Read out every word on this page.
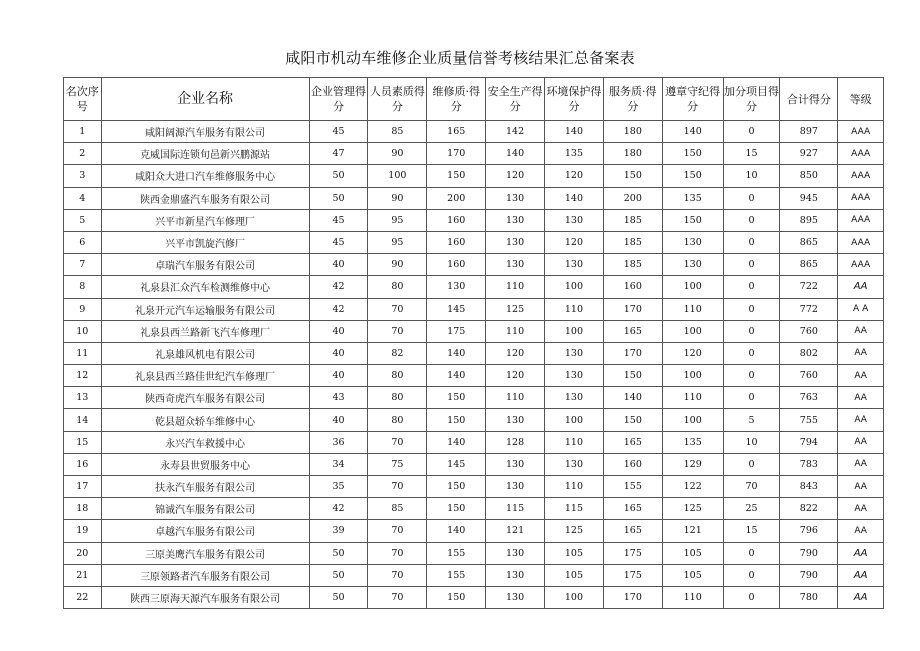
咸阳市机动车维修企业质量信誉考核结果汇总备案表
名次序号	企业名称	企业管理得分	人员素质得分	维修质·得分	安全生产得分	环境保护得分	服务质·得分	遵章守纪得分	加分项目得分	合计得分	等级
1	咸阳阔源汽车服务有限公司	45	85	165	142	140	180	140	0	897	AAA
2	克威国际连锁旬邑新兴鹏源站	47	90	170	140	135	180	150	15	927	AAA
3	咸阳众大进口汽车维修服务中心	50	100	150	120	120	150	150	10	850	AAA
4	陕西金鼎盛汽车服务有限公司	50	90	200	130	140	200	135	0	945	AAA
5	兴平市新星汽车修理厂	45	95	160	130	130	185	150	0	895	AAA
6	兴平市凯旋汽修厂	45	95	160	130	120	185	130	0	865	AAA
7	卓瑞汽车服务有限公司	40	90	160	130	130	185	130	0	865	AAA
8	礼泉县汇众汽车检测维修中心	42	80	130	110	100	160	100	0	722	AA
9	礼泉开元汽车运输服务有限公司	42	70	145	125	110	170	110	0	772	A A
10	礼泉县西兰路新飞汽车修理厂	40	70	175	110	100	165	100	0	760	AA
11	礼泉雄风机电有限公司	40	82	140	120	130	170	120	0	802	AA
12	礼泉县西兰路佳世纪汽车修理厂	40	80	140	120	130	150	100	0	760	AA
13	陕西奇虎汽车服务有限公司	43	80	150	110	130	140	110	0	763	AA
14	乾县超众轿车维修中心	40	80	150	130	100	150	100	5	755	AA
15	永兴汽车救援中心	36	70	140	128	110	165	135	10	794	AA
16	永寿县世贸服务中心	34	75	145	130	130	160	129	0	783	AA
17	扶永汽车服务有限公司	35	70	150	130	110	155	122	70	843	AA
18	锦诚汽车服务有限公司	42	85	150	115	115	165	125	25	822	AA
19	卓越汽车服务有限公司	39	70	140	121	125	165	121	15	796	AA
20	三原美鹰汽车服务有限公司	50	70	155	130	105	175	105	0	790	AA
21	三原领路者汽车服务有限公司	50	70	155	130	105	175	105	0	790	AA
22	陕西三原海天源汽车服务有限公司	50	70	150	130	100	170	110	0	780	AA
